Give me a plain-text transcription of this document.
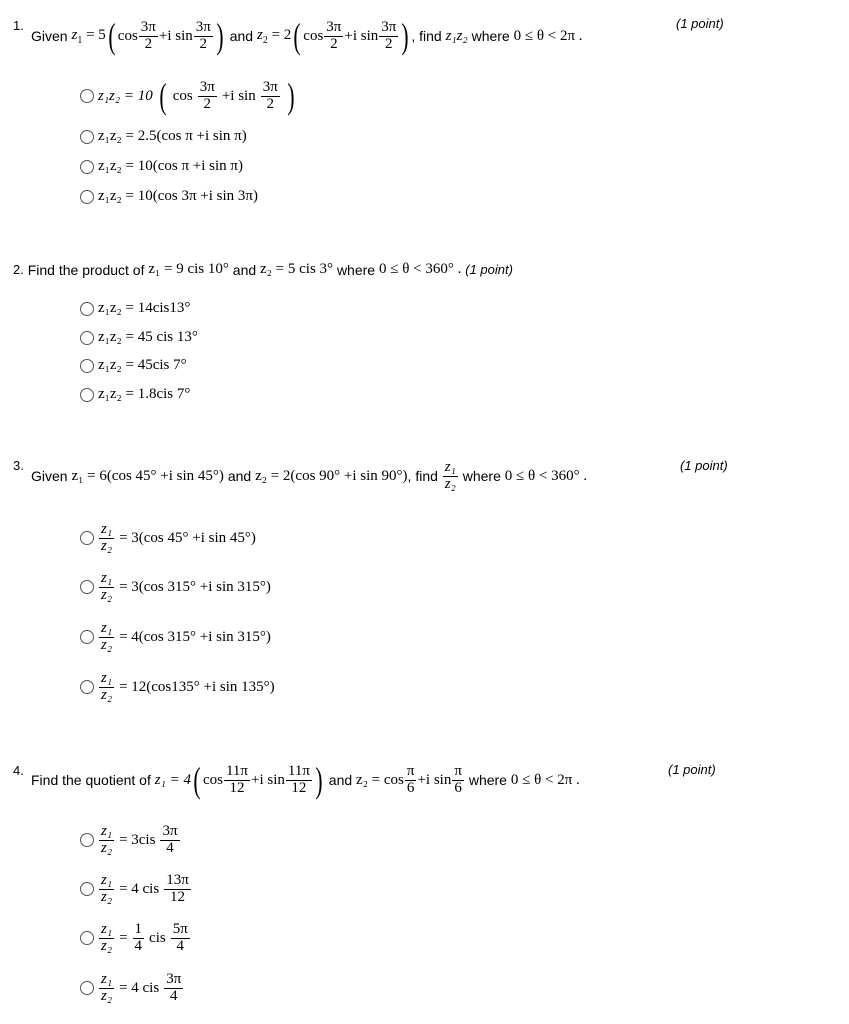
1.	(1 point)
Given
$z_1 = 5$ ( $\cos \frac{3\pi}{2} +i$ $\sin \frac{3\pi}{2}$ )
and
$z_2 = 2$ ( $\cos \frac{3\pi}{2} +i$ $\sin \frac{3\pi}{2}$ ) , find
z₁z₂
where
0 ≤ θ < 2π .
z₁z₂ = 10 ( $\cos \frac{3\pi}{2} +i$ $\sin \frac{3\pi}{2}$ )
z₁z₂ = 2.5(cos π +i sin π)
z₁z₂ = 10(cos π +i sin π)
z₁z₂ = 10(cos 3π +i sin 3π)
2.
Find the product of
z₁ = 9 cis 10°
and
z₂ = 5 cis 3°
where
0 ≤ θ < 360° .
(1 point)
z₁z₂ = 14cis13°
z₁z₂ = 45 cis 13°
z₁z₂ = 45cis 7°
z₁z₂ = 1.8cis 7°
3.	(1 point)
Given
z₁ = 6(cos 45° +i sin 45°)
and
z₂ = 2(cos 90° +i sin 90°) , find
$\frac{\text{z₁}}{\text{z₂}}$
where
0 ≤ θ < 360° .
$\frac{\text{z₁}}{\text{z₂}} = 3(\cos$ 45° +i sin 45°)
$\frac{\text{z₁}}{\text{z₂}} = 3(\cos$ 315° +i sin 315°)
$\frac{\text{z₁}}{\text{z₂}} = 4(\cos$ 315° +i sin 315°)
$\frac{\text{z₁}}{\text{z₂}} = 12(\cos 135^\circ +i$ sin 135°)
4.	(1 point)
Find the quotient of
z₁ = 4 ( $\cos \frac{11\pi}{12} +i$ $\sin \frac{11\pi}{12}$ )
and
$z_2 = \cos \frac{\pi}{6} +i$ $\sin \frac{\pi}{6}$
where
0 ≤ θ < 2π .
$\frac{\text{z₁}}{\text{z₂}} = 3cis \frac{3\pi}{4}$
$\frac{\text{z₁}}{\text{z₂}} = 4$ cis $\frac{13\pi}{12}$
$\frac{\text{z₁}}{\text{z₂}} = \frac{1}{4}$ cis $\frac{5\pi}{4}$
$\frac{\text{z₁}}{\text{z₂}} = 4$ cis $\frac{3\pi}{4}$
